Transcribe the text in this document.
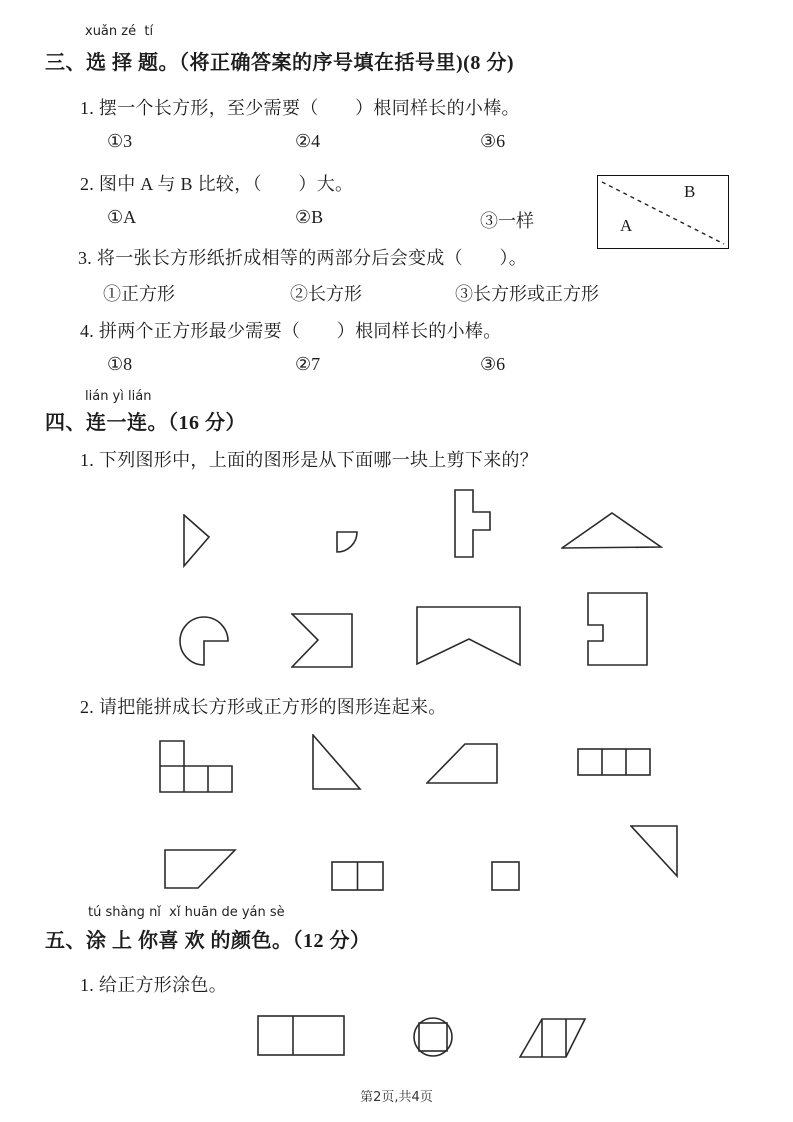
xuǎn zé  tí
三、选 择 题。（将正确答案的序号填在括号里)(8 分)
1. 摆一个长方形，至少需要（　　）根同样长的小棒。
①3	②4	③6
2. 图中 A 与 B 比较，（　　）大。	B
A
①A	②B	③一样
3. 将一张长方形纸折成相等的两部分后会变成（　　）。
①正方形	②长方形	③长方形或正方形
4. 拼两个正方形最少需要（　　）根同样长的小棒。
①8	②7	③6
lián yì lián
四、连一连。（16 分）
1. 下列图形中，上面的图形是从下面哪一块上剪下来的？
2. 请把能拼成长方形或正方形的图形连起来。
tú shàng nǐ  xǐ huān de yán sè
五、涂 上 你喜 欢 的颜色。（12 分）
1. 给正方形涂色。
第2页,共4页
